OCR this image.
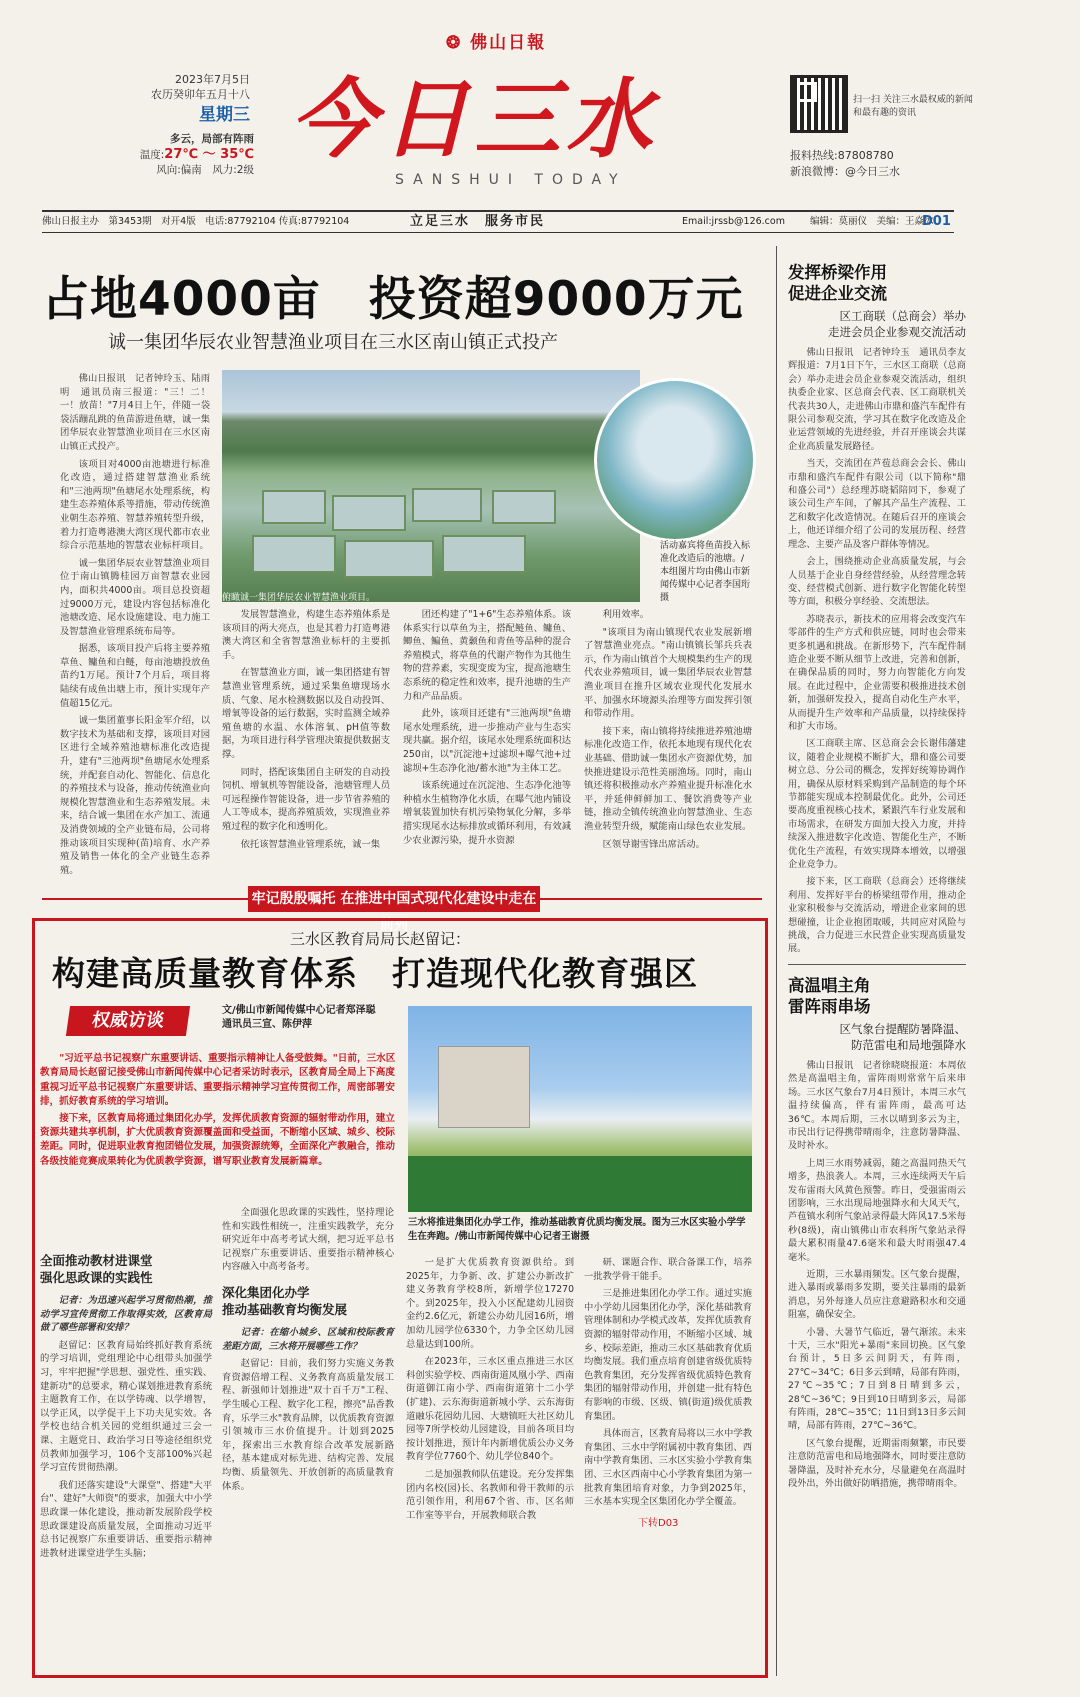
❂ 佛山日報
今日三水
SANSHUI TODAY
2023年7月5日
农历癸卯年五月十八
星期三
多云，局部有阵雨
温度:27℃ ～ 35℃
风向:偏南　风力:2级
扫一扫 关注三水最权威的新闻和最有趣的资讯
报料热线:87808780
新浪微博：@今日三水
佛山日报主办　第3453期　对开4版　电话:87792104 传真:87792104	立足三水　服务市民	Email:jrssb@126.com	编辑：莫丽仪　美编：王焱冰
D01
占地4000亩　投资超9000万元
诚一集团华辰农业智慧渔业项目在三水区南山镇正式投产

佛山日报讯　记者钟玲玉、陆雨明　通讯员南三报道："三！二！一！放苗！"7月4日上午，伴随一袋袋活蹦乱跳的鱼苗游进鱼塘，诚一集团华辰农业智慧渔业项目在三水区南山镇正式投产。

该项目对4000亩池塘进行标准化改造，通过搭建智慧渔业系统和"三池两坝"鱼塘尾水处理系统，构建生态养殖体系等措施，带动传统渔业朝生态养殖、智慧养殖转型升级，着力打造粤港澳大湾区现代都市农业综合示范基地的智慧农业标杆项目。

诚一集团华辰农业智慧渔业项目位于南山镇腾桂园万亩智慧农业园内，面积共4000亩。项目总投资超过9000万元，建设内容包括标准化池塘改造、尾水设施建设、电力施工及智慧渔业管理系统布局等。

据悉，该项目投产后将主要养殖草鱼、鳙鱼和白鲢，每亩池塘投放鱼苗约1万尾。预计7个月后，项目将陆续有成鱼出塘上市，预计实现年产值超15亿元。

诚一集团董事长阳金军介绍，以数字技术为基础和支撑，该项目对园区进行全域养殖池塘标准化改造提升，建有"三池两坝"鱼塘尾水处理系统，并配套自动化、智能化、信息化的养殖技术与设备，推动传统渔业向规模化智慧渔业和生态养殖发展。未来，结合诚一集团在水产加工、流通及消费领域的全产业链布局，公司将推动该项目实现种(苗)培育、水产养殖及销售一体化的全产业链生态养殖。

俯瞰诚一集团华辰农业智慧渔业项目。
活动嘉宾将鱼苗投入标准化改造后的池塘。/本组图片均由佛山市新闻传媒中心记者李国珩摄

发展智慧渔业，构建生态养殖体系是该项目的两大亮点，也是其着力打造粤港澳大湾区和全省智慧渔业标杆的主要抓手。

在智慧渔业方面，诚一集团搭建有智慧渔业管理系统，通过采集鱼塘现场水质、气象、尾水检测数据以及自动投饵、增氧等设备的运行数据，实时监测全域养殖鱼塘的水温、水体溶氧、pH值等数据，为项目进行科学管理决策提供数据支撑。

同时，搭配该集团自主研发的自动投饲机、增氧机等智能设备，池塘管理人员可远程操作智能设备，进一步节省养殖的人工等成本，提高养殖质效，实现渔业养殖过程的数字化和透明化。

依托该智慧渔业管理系统，诚一集

团还构建了"1+6"生态养殖体系。该体系实行以草鱼为主，搭配鲢鱼、鳙鱼、鲫鱼、鳊鱼、黄颡鱼和青鱼等品种的混合养殖模式，将草鱼的代谢产物作为其他生物的营养素，实现变废为宝，提高池塘生态系统的稳定性和效率，提升池塘的生产力和产品品质。

此外，该项目还建有"三池两坝"鱼塘尾水处理系统，进一步推动产业与生态实现共赢。据介绍，该尾水处理系统面积达250亩，以"沉淀池+过滤坝+曝气池+过滤坝+生态净化池/蓄水池"为主体工艺。

该系统通过在沉淀池、生态净化池等种植水生植物净化水质，在曝气池内铺设增氧装置加快有机污染物氧化分解，多举措实现尾水达标排放或循环利用，有效减少农业源污染，提升水资源

利用效率。

"该项目为南山镇现代农业发展新增了智慧渔业亮点。"南山镇镇长邹兵兵表示，作为南山镇首个大规模集约生产的现代农业养殖项目，诚一集团华辰农业智慧渔业项目在推升区域农业现代化发展水平、加强水环境源头治理等方面发挥引领和带动作用。

接下来，南山镇将持续推进养殖池塘标准化改造工作，依托本地现有现代化农业基础、借助诚一集团水产资源优势，加快推进建设示范性美丽渔场。同时，南山镇还将积极推动水产养殖业提升标准化水平，并延伸鲜鲜加工、餐饮消费等产业链，推动全镇传统渔业向智慧渔业、生态渔业转型升级，赋能南山绿色农业发展。

区领导谢雪锋出席活动。

牢记殷殷嘱托 在推进中国式现代化建设中走在前列
三水区教育局局长赵留记：
构建高质量教育体系　打造现代化教育强区
权威访谈	文/佛山市新闻传媒中心记者郑泽聪
通讯员三宣、陈伊萍

"习近平总书记视察广东重要讲话、重要指示精神让人备受鼓舞。"日前，三水区教育局局长赵留记接受佛山市新闻传媒中心记者采访时表示，区教育局全局上下高度重视习近平总书记视察广东重要讲话、重要指示精神学习宣传贯彻工作，周密部署安排，抓好教育系统的学习培训。

接下来，区教育局将通过集团化办学，发挥优质教育资源的辐射带动作用，建立资源共建共享机制，扩大优质教育资源覆盖面和受益面，不断缩小区域、城乡、校际差距。同时，促进职业教育抱团错位发展，加强资源统筹，全面深化产教融合，推动各级技能竞赛成果转化为优质教学资源，谱写职业教育发展新篇章。

三水将推进集团化办学工作，推动基础教育优质均衡发展。图为三水区实验小学学生在奔跑。/佛山市新闻传媒中心记者王谢摄
全面推动教材进课堂
强化思政课的实践性

记者：为迅速兴起学习贯彻热潮，推动学习宣传贯彻工作取得实效，区教育局做了哪些部署和安排？

赵留记：区教育局始终抓好教育系统的学习培训，党组理论中心组带头加强学习，牢牢把握"学思想、强党性、重实践、建新功"的总要求，精心谋划推进教育系统主题教育工作，在以学铸魂、以学增智，以学正风，以学促干上下功夫见实效。各学校也结合机关园的党组织通过三会一课、主题党日、政治学习日等途径组织党员教师加强学习，106个支部100%兴起学习宣传贯彻热潮。

我们还落实建设"大课堂"、搭建"大平台"、建好"大师资"的要求，加强大中小学思政课一体化建设，推动新发展阶段学校思政课建设高质量发展，全面推动习近平总书记视察广东重要讲话、重要指示精神进教材进课堂进学生头脑；

全面强化思政课的实践性，坚持理论性和实践性相统一，注重实践教学，充分研究近年中高考考试大纲，把习近平总书记视察广东重要讲话、重要指示精神核心内容融入中高考备考。

深化集团化办学
推动基础教育均衡发展

记者：在缩小城乡、区域和校际教育差距方面，三水将开展哪些工作？

赵留记：目前，我们努力实施义务教育资源倍增工程、义务教育高质量发展工程、新强师计划推进"双十百千万"工程、学生暖心工程、数字化工程，擦亮"品香教育，乐学三水"教育品牌，以优质教育资源引领城市三水价值提升。计划到2025年，探索出三水教育综合改革发展新路径，基本建成对标先进、结构完善、发展均衡、质量领先、开放创新的高质量教育体系。

一是扩大优质教育资源供给。到2025年，力争新、改、扩建公办新改扩建义务教育学校8所，新增学位17270个。到2025年，投入小区配建幼儿园资金约2.6亿元，新建公办幼儿园16所，增加幼儿园学位6330个，力争全区幼儿园总量达到100所。

在2023年，三水区重点推进三水区科创实验学校、西南街道凤凰小学、西南街道御江南小学、西南街道第十二小学(扩建)、云东海街道新城小学、云东海街道融乐花园幼儿园、大塘镇旺大社区幼儿园等7所学校幼儿园建设，目前各项目均按计划推进，预计年内新增优质公办义务教育学位7760个、幼儿学位840个。

二是加强教师队伍建设。充分发挥集团内名校(园)长、名教师和骨干教师的示范引领作用，利用67个省、市、区名师工作室等平台，开展教师联合教

研、课题合作、联合备课工作，培养一批教学骨干能手。

三是推进集团化办学工作。通过实施中小学幼儿园集团化办学，深化基础教育管理体制和办学模式改革，发挥优质教育资源的辐射带动作用，不断缩小区域、城乡、校际差距，推动三水区基础教育优质均衡发展。我们重点培育创建省级优质特色教育集团，充分发挥省级优质特色教育集团的辐射带动作用，并创建一批有特色有影响的市级、区级、镇(街道)级优质教育集团。

具体而言，区教育局将以三水中学教育集团、三水中学附属初中教育集团、西南中学教育集团、三水区实验小学教育集团、三水区西南中心小学教育集团为第一批教育集团培育对象，力争到2025年，三水基本实现全区集团化办学全覆盖。

下转D03
发挥桥梁作用
促进企业交流
区工商联（总商会）举办
走进会员企业参观交流活动

佛山日报讯　记者钟玲玉　通讯员李友辉报道：7月1日下午，三水区工商联（总商会）举办走进会员企业参观交流活动，组织执委企业家、区总商会代表、区工商联机关代表共30人，走进佛山市鼎和盛汽车配件有限公司参观交流，学习其在数字化改造及企业运营领域的先进经验，并召开座谈会共谋企业高质量发展路径。

当天，交流团在芦苞总商会会长、佛山市鼎和盛汽车配件有限公司（以下简称"鼎和盛公司"）总经理苏晓韬陪同下，参观了该公司生产车间，了解其产品生产流程、工艺和数字化改造情况。在随后召开的座谈会上，他还详细介绍了公司的发展历程、经营理念、主要产品及客户群体等情况。

会上，围绕推动企业高质量发展，与会人员基于企业自身经营经验，从经营理念转变、经营模式创新、进行数字化智能化转型等方面，积极分享经验、交流想法。

苏晓表示，新技术的应用将会改变汽车零部件的生产方式和供应链，同时也会带来更多机遇和挑战。在新形势下，汽车配件制造企业要不断从细节上改进，完善和创新，在确保品质的同时，努力向智能化方向发展。在此过程中，企业需要积极推进技术创新，加强研发投入，提高自动化生产水平，从而提升生产效率和产品质量，以持续保持和扩大市场。

区工商联主席、区总商会会长谢伟藩建议，随着企业规模不断扩大，鼎和盛公司要树立总、分公司的概念，发挥好统筹协调作用，确保从原材料采购到产品制造的每个环节都能实现成本控制最优化。此外，公司还要高度重视核心技术，紧跟汽车行业发展和市场需求，在研发方面加大投入力度，并持续深入推进数字化改造、智能化生产，不断优化生产流程，有效实现降本增效，以增强企业竞争力。

接下来，区工商联（总商会）还将继续利用、发挥好平台的桥梁纽带作用，推动企业家积极参与交流活动，增进企业家间的思想碰撞，让企业抱团取暖，共同应对风险与挑战，合力促进三水民营企业实现高质量发展。

高温唱主角
雷阵雨串场
区气象台提醒防暑降温、
防范雷电和局地强降水

佛山日报讯　记者徐晓晓报道：本周依然是高温唱主角，雷阵雨则常常午后来串场。三水区气象台7月4日预计，本周三水气温持续偏高，伴有雷阵雨，最高可达36℃。本周后期，三水以晴到多云为主，市民出行记得携带晴雨伞，注意防暑降温、及时补水。

上周三水雨势减弱，随之高温同热天气增多，热浪袭人。本周，三水连续两天午后发布雷雨大风黄色预警。昨日，受强雷雨云团影响，三水出现局地强降水和大风天气，芦苞镇水利所气象站录得最大阵风17.5米每秒(8级)，南山镇佛山市农科所气象站录得最大累积雨量47.6毫米和最大时雨强47.4毫米。

近期，三水暴雨频发。区气象台提醒，进入暴雨或暴雨多发期，要关注暴雨的最新消息，另外每逢人员应注意避路积水和交通阻塞，确保安全。

小暑、大暑节气临近，暑气渐浓。未来十天，三水"阳光+暴雨"来回切换。区气象台预计，5日多云间阴天，有阵雨，27℃~34℃；6日多云到晴，局部有阵雨，27℃~35℃；7日到8日晴到多云，28℃~36℃；9日到10日晴到多云，局部有阵雨，28℃~35℃；11日到13日多云间晴，局部有阵雨，27℃~36℃。

区气象台提醒，近期雷雨频繁，市民要注意防范雷电和局地强降水，同时要注意防暑降温，及时补充水分，尽量避免在高温时段外出，外出做好防晒措施，携带晴雨伞。
